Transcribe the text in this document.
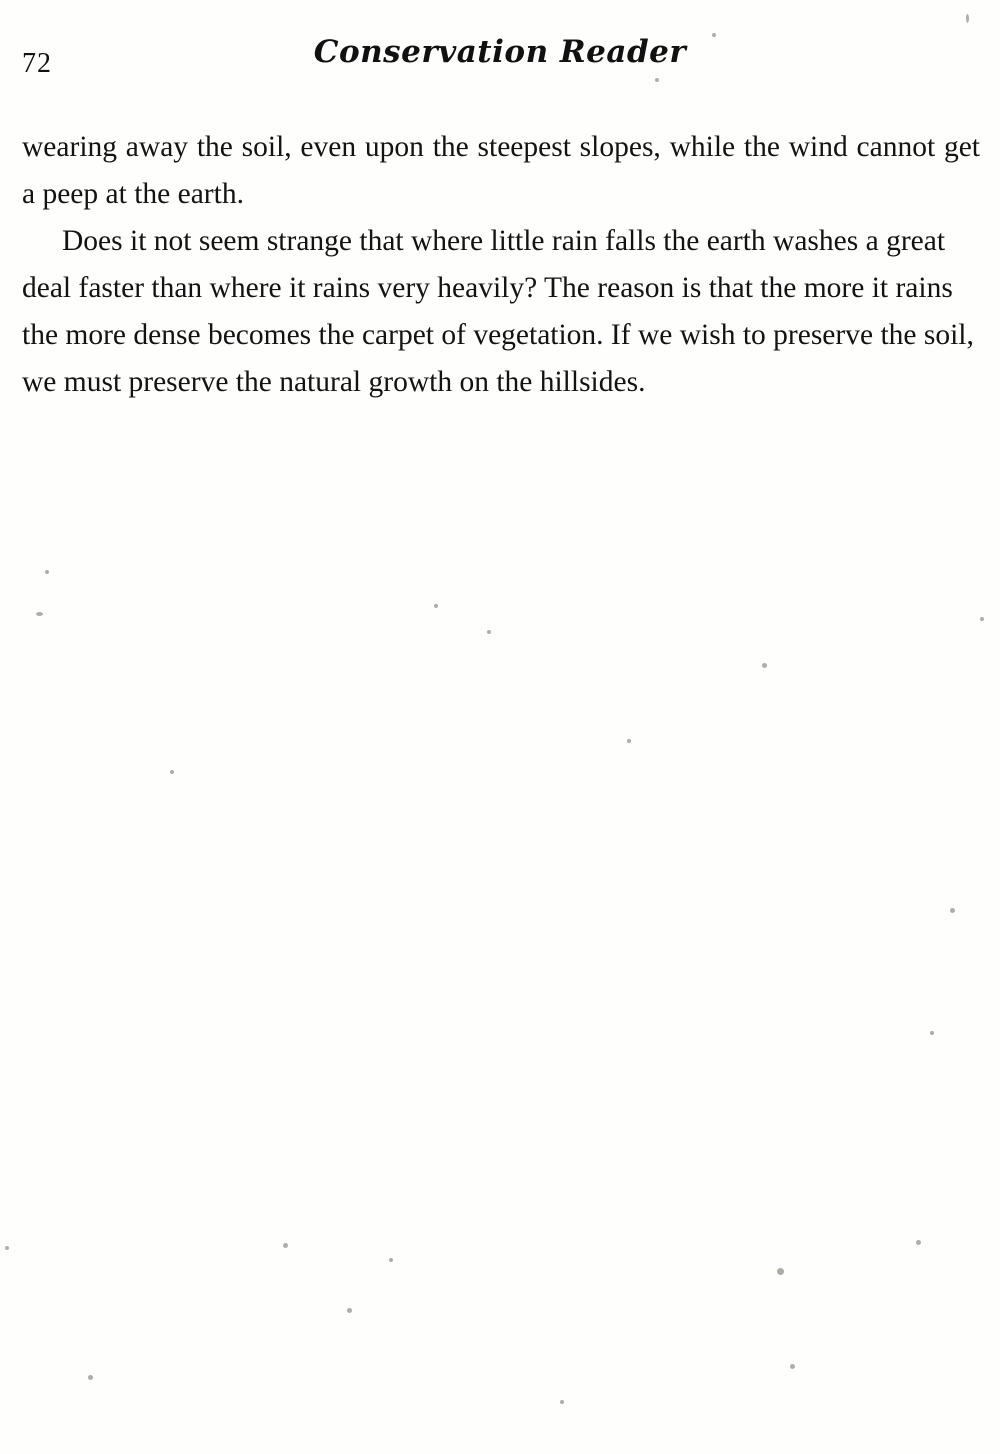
72	Conservation Reader

wearing away the soil, even upon the steepest slopes, while the wind cannot get a peep at the earth.

Does it not seem strange that where little rain falls the earth washes a great deal faster than where it rains very heavily? The reason is that the more it rains the more dense becomes the carpet of vegetation. If we wish to preserve the soil, we must preserve the natural growth on the hillsides.
